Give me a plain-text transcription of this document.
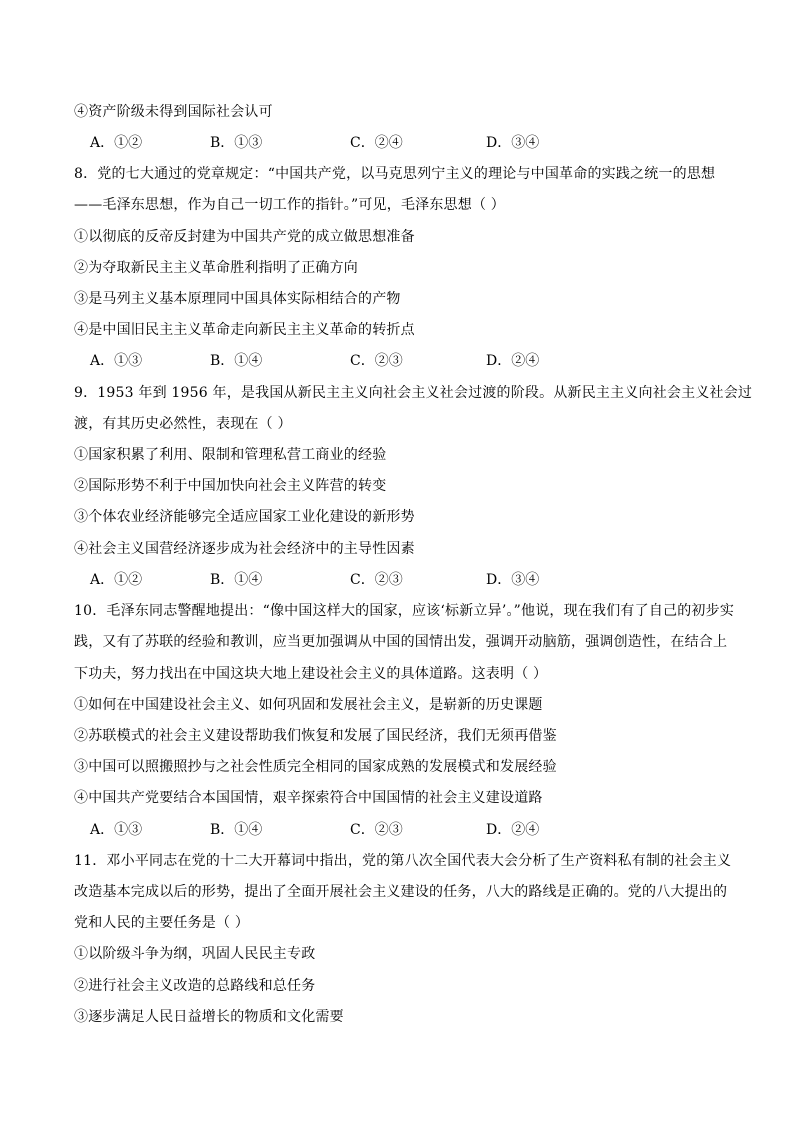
④资产阶级未得到国际社会认可
A．①②	B．①③	C．②④	D．③④
8．党的七大通过的党章规定：“中国共产党，以马克思列宁主义的理论与中国革命的实践之统一的思想
——毛泽东思想，作为自己一切工作的指针。”可见，毛泽东思想（ ）
①以彻底的反帝反封建为中国共产党的成立做思想准备
②为夺取新民主主义革命胜利指明了正确方向
③是马列主义基本原理同中国具体实际相结合的产物
④是中国旧民主主义革命走向新民主主义革命的转折点
A．①③	B．①④	C．②③	D．②④
9．1953 年到 1956 年，是我国从新民主主义向社会主义社会过渡的阶段。从新民主主义向社会主义社会过
渡，有其历史必然性，表现在（ ）
①国家积累了利用、限制和管理私营工商业的经验
②国际形势不利于中国加快向社会主义阵营的转变
③个体农业经济能够完全适应国家工业化建设的新形势
④社会主义国营经济逐步成为社会经济中的主导性因素
A．①②	B．①④	C．②③	D．③④
10．毛泽东同志警醒地提出：“像中国这样大的国家，应该‘标新立异’。”他说，现在我们有了自己的初步实
践，又有了苏联的经验和教训，应当更加强调从中国的国情出发，强调开动脑筋，强调创造性，在结合上
下功夫，努力找出在中国这块大地上建设社会主义的具体道路。这表明（ ）
①如何在中国建设社会主义、如何巩固和发展社会主义，是崭新的历史课题
②苏联模式的社会主义建设帮助我们恢复和发展了国民经济，我们无须再借鉴
③中国可以照搬照抄与之社会性质完全相同的国家成熟的发展模式和发展经验
④中国共产党要结合本国国情，艰辛探索符合中国国情的社会主义建设道路
A．①③	B．①④	C．②③	D．②④
11．邓小平同志在党的十二大开幕词中指出，党的第八次全国代表大会分析了生产资料私有制的社会主义
改造基本完成以后的形势，提出了全面开展社会主义建设的任务，八大的路线是正确的。党的八大提出的
党和人民的主要任务是（ ）
①以阶级斗争为纲，巩固人民民主专政
②进行社会主义改造的总路线和总任务
③逐步满足人民日益增长的物质和文化需要
